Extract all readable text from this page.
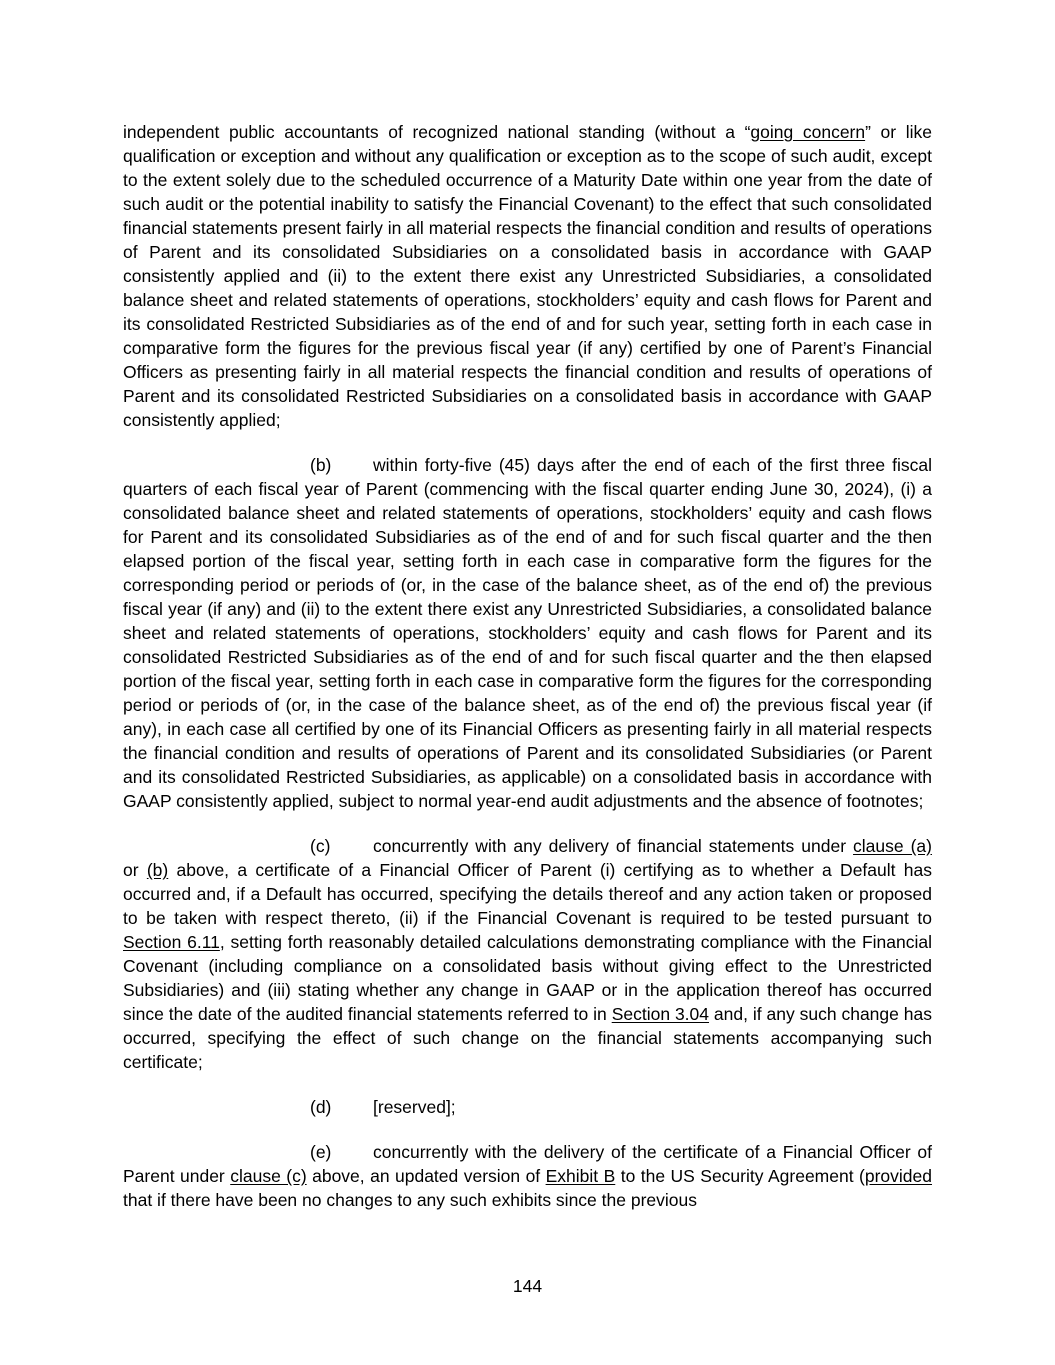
independent public accountants of recognized national standing (without a “going concern” or like qualification or exception and without any qualification or exception as to the scope of such audit, except to the extent solely due to the scheduled occurrence of a Maturity Date within one year from the date of such audit or the potential inability to satisfy the Financial Covenant) to the effect that such consolidated financial statements present fairly in all material respects the financial condition and results of operations of Parent and its consolidated Subsidiaries on a consolidated basis in accordance with GAAP consistently applied and (ii) to the extent there exist any Unrestricted Subsidiaries, a consolidated balance sheet and related statements of operations, stockholders’ equity and cash flows for Parent and its consolidated Restricted Subsidiaries as of the end of and for such year, setting forth in each case in comparative form the figures for the previous fiscal year (if any) certified by one of Parent’s Financial Officers as presenting fairly in all material respects the financial condition and results of operations of Parent and its consolidated Restricted Subsidiaries on a consolidated basis in accordance with GAAP consistently applied;

(b) within forty-five (45) days after the end of each of the first three fiscal quarters of each fiscal year of Parent (commencing with the fiscal quarter ending June 30, 2024), (i) a consolidated balance sheet and related statements of operations, stockholders’ equity and cash flows for Parent and its consolidated Subsidiaries as of the end of and for such fiscal quarter and the then elapsed portion of the fiscal year, setting forth in each case in comparative form the figures for the corresponding period or periods of (or, in the case of the balance sheet, as of the end of) the previous fiscal year (if any) and (ii) to the extent there exist any Unrestricted Subsidiaries, a consolidated balance sheet and related statements of operations, stockholders’ equity and cash flows for Parent and its consolidated Restricted Subsidiaries as of the end of and for such fiscal quarter and the then elapsed portion of the fiscal year, setting forth in each case in comparative form the figures for the corresponding period or periods of (or, in the case of the balance sheet, as of the end of) the previous fiscal year (if any), in each case all certified by one of its Financial Officers as presenting fairly in all material respects the financial condition and results of operations of Parent and its consolidated Subsidiaries (or Parent and its consolidated Restricted Subsidiaries, as applicable) on a consolidated basis in accordance with GAAP consistently applied, subject to normal year-end audit adjustments and the absence of footnotes;

(c) concurrently with any delivery of financial statements under clause (a) or (b) above, a certificate of a Financial Officer of Parent (i) certifying as to whether a Default has occurred and, if a Default has occurred, specifying the details thereof and any action taken or proposed to be taken with respect thereto, (ii) if the Financial Covenant is required to be tested pursuant to Section 6.11, setting forth reasonably detailed calculations demonstrating compliance with the Financial Covenant (including compliance on a consolidated basis without giving effect to the Unrestricted Subsidiaries) and (iii) stating whether any change in GAAP or in the application thereof has occurred since the date of the audited financial statements referred to in Section 3.04 and, if any such change has occurred, specifying the effect of such change on the financial statements accompanying such certificate;

(d) [reserved];

(e) concurrently with the delivery of the certificate of a Financial Officer of Parent under clause (c) above, an updated version of Exhibit B to the US Security Agreement (provided that if there have been no changes to any such exhibits since the previous

144
